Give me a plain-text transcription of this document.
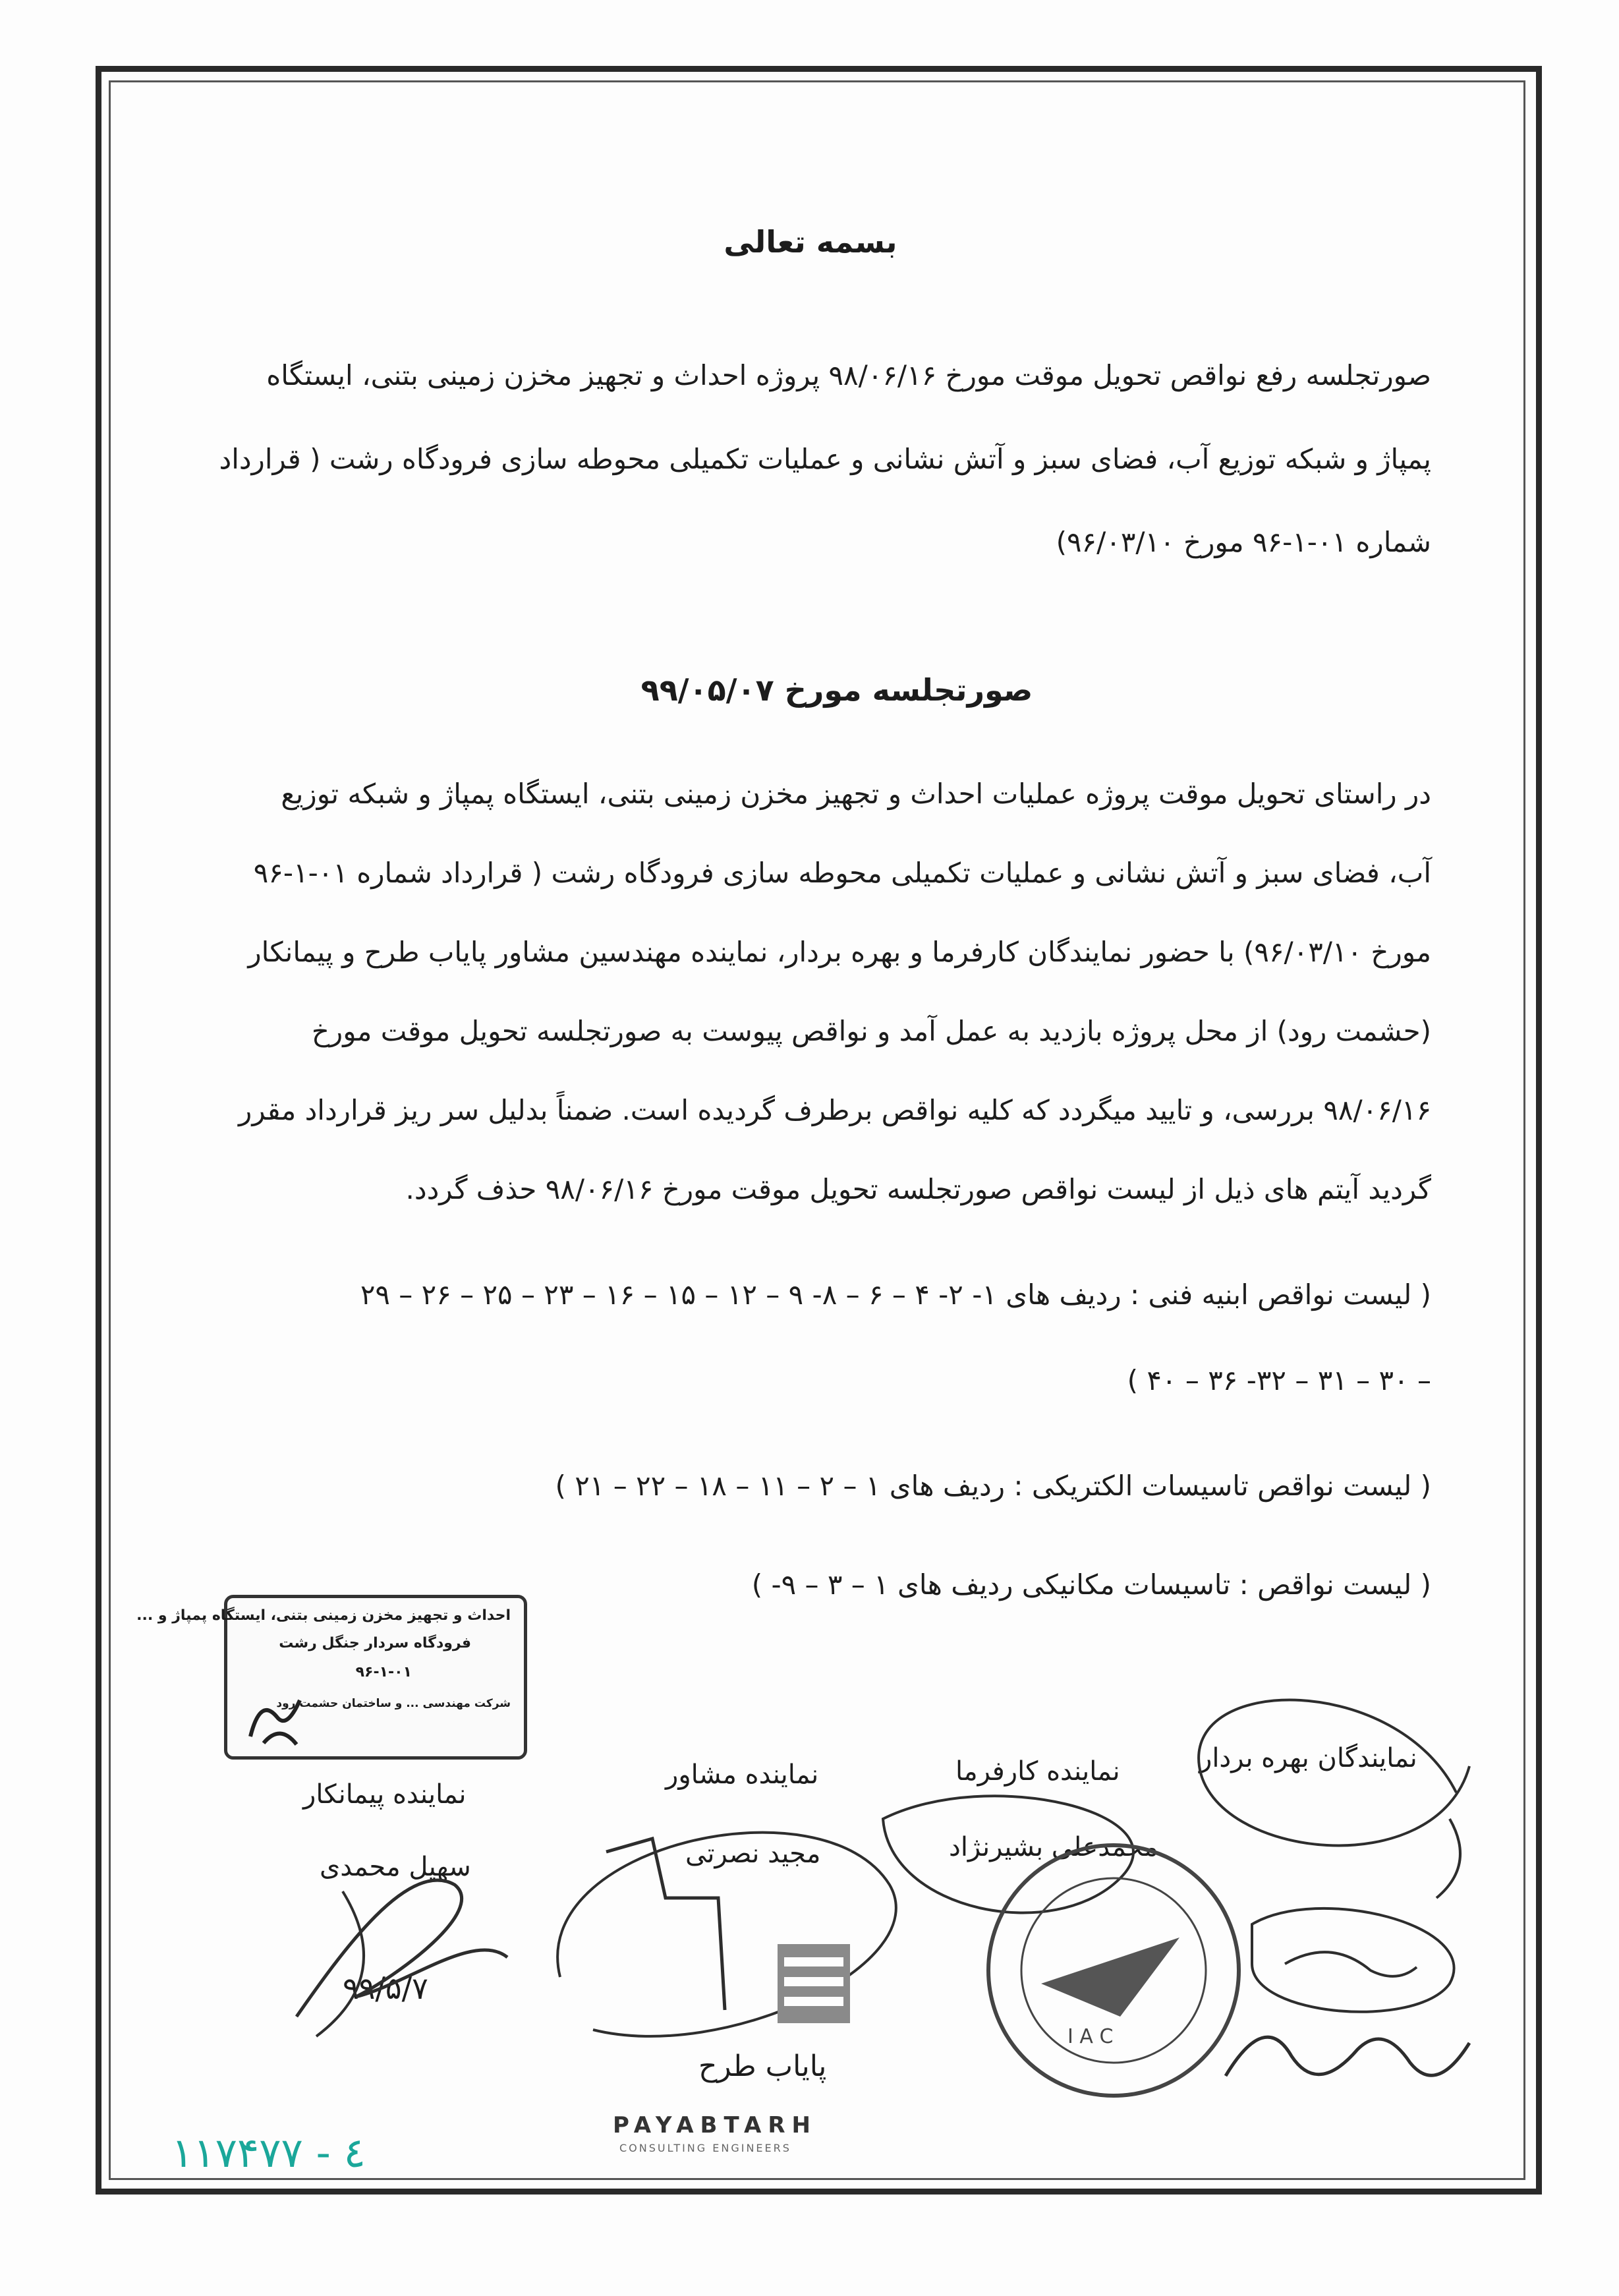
بسمه تعالی
صورتجلسه رفع نواقص تحویل موقت مورخ ۹۸/۰۶/۱۶ پروژه احداث و تجهیز مخزن زمینی بتنی، ایستگاه
پمپاژ و شبکه توزیع آب، فضای سبز و آتش نشانی و عملیات تکمیلی محوطه سازی فرودگاه رشت ( قرارداد
شماره ۰۱-۱-۹۶ مورخ ۹۶/۰۳/۱۰)
صورتجلسه مورخ ۹۹/۰۵/۰۷
در راستای تحویل موقت پروژه عملیات احداث و تجهیز مخزن زمینی بتنی، ایستگاه پمپاژ و شبکه توزیع
آب، فضای سبز و آتش نشانی و عملیات تکمیلی محوطه سازی فرودگاه رشت ( قرارداد شماره ۰۱-۱-۹۶
مورخ ۹۶/۰۳/۱۰) با حضور نمایندگان کارفرما و بهره بردار، نماینده مهندسین مشاور پایاب طرح و پیمانکار
(حشمت رود) از محل پروژه بازدید به عمل آمد و نواقص پیوست به صورتجلسه تحویل موقت مورخ
۹۸/۰۶/۱۶ بررسی، و تایید میگردد که کلیه نواقص برطرف گردیده است. ضمناً بدلیل سر ریز قرارداد مقرر
گردید آیتم های ذیل از لیست نواقص صورتجلسه تحویل موقت مورخ ۹۸/۰۶/۱۶ حذف گردد.
( لیست نواقص ابنیه فنی : ردیف های ۱- ۲- ۴ – ۶ – ۸- ۹ – ۱۲ – ۱۵ – ۱۶ – ۲۳ – ۲۵ – ۲۶ – ۲۹
– ۳۰ – ۳۱ – ۳۲- ۳۶ – ۴۰ )
( لیست نواقص تاسیسات الکتریکی : ردیف های ۱ – ۲ – ۱۱ – ۱۸ – ۲۲ – ۲۱ )
( لیست نواقص : تاسیسات مکانیکی ردیف های ۱ – ۳ – ۹- )
احداث و تجهیز مخزن زمینی بتنی، ایستگاه پمپاژ و ...
فرودگاه سردار جنگل رشت
۹۶-۱-۰۱
شرکت مهندسی ... و ساختمان حشمت رود
نمایندگان بهره بردار
نماینده کارفرما
محمدعلی بشیرنژاد
نماینده مشاور
مجید نصرتی
نماینده پیمانکار
سهیل محمدی
۹۹/۵/۷
I A C
پایاب طرح
PAYABTARH
CONSULTING ENGINEERS
۱۱۷۴۷۷ - ٤
